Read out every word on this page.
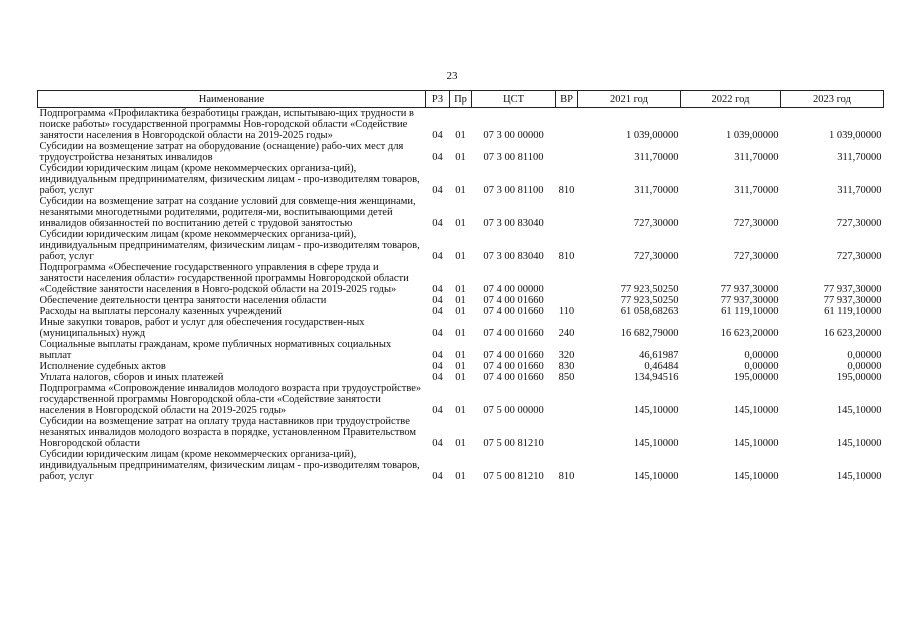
23
Наименование	РЗ	Пр	ЦСТ	ВР	2021 год	2022 год	2023 год
Подпрограмма «Профилактика безработицы граждан, испытываю-щих трудности в поиске работы» государственной программы Нов-городской области «Содействие занятости населения в Новгородской области на 2019-2025 годы»	04	01	07 3 00 00000		1 039,00000	1 039,00000	1 039,00000
Субсидии на возмещение затрат на оборудование (оснащение) рабо-чих мест для трудоустройства незанятых инвалидов	04	01	07 3 00 81100		311,70000	311,70000	311,70000
Субсидии юридическим лицам (кроме некоммерческих организа-ций), индивидуальным предпринимателям, физическим лицам - про-изводителям товаров, работ, услуг	04	01	07 3 00 81100	810	311,70000	311,70000	311,70000
Субсидии на возмещение затрат на создание условий для совмеще-ния женщинами, незанятыми многодетными родителями, родителя-ми, воспитывающими детей инвалидов обязанностей по воспитанию детей с трудовой занятостью	04	01	07 3 00 83040		727,30000	727,30000	727,30000
Субсидии юридическим лицам (кроме некоммерческих организа-ций), индивидуальным предпринимателям, физическим лицам - про-изводителям товаров, работ, услуг	04	01	07 3 00 83040	810	727,30000	727,30000	727,30000
Подпрограмма «Обеспечение государственного управления в сфере труда и занятости населения области» государственной программы Новгородской области «Содействие занятости населения в Новго-родской области на 2019-2025 годы»	04	01	07 4 00 00000		77 923,50250	77 937,30000	77 937,30000
Обеспечение деятельности центра занятости населения области	04	01	07 4 00 01660		77 923,50250	77 937,30000	77 937,30000
Расходы на выплаты персоналу казенных учреждений	04	01	07 4 00 01660	110	61 058,68263	61 119,10000	61 119,10000
Иные закупки товаров, работ и услуг для обеспечения государствен-ных (муниципальных) нужд	04	01	07 4 00 01660	240	16 682,79000	16 623,20000	16 623,20000
Социальные выплаты гражданам, кроме публичных нормативных социальных выплат	04	01	07 4 00 01660	320	46,61987	0,00000	0,00000
Исполнение судебных актов	04	01	07 4 00 01660	830	0,46484	0,00000	0,00000
Уплата налогов, сборов и иных платежей	04	01	07 4 00 01660	850	134,94516	195,00000	195,00000
Подпрограмма «Сопровождение инвалидов молодого возраста при трудоустройстве» государственной программы Новгородской обла-сти «Содействие занятости населения в Новгородской области на 2019-2025 годы»	04	01	07 5 00 00000		145,10000	145,10000	145,10000
Субсидии на возмещение затрат на оплату труда наставников при трудоустройстве незанятых инвалидов молодого возраста в порядке, установленном Правительством Новгородской области	04	01	07 5 00 81210		145,10000	145,10000	145,10000
Субсидии юридическим лицам (кроме некоммерческих организа-ций), индивидуальным предпринимателям, физическим лицам - про-изводителям товаров, работ, услуг	04	01	07 5 00 81210	810	145,10000	145,10000	145,10000
